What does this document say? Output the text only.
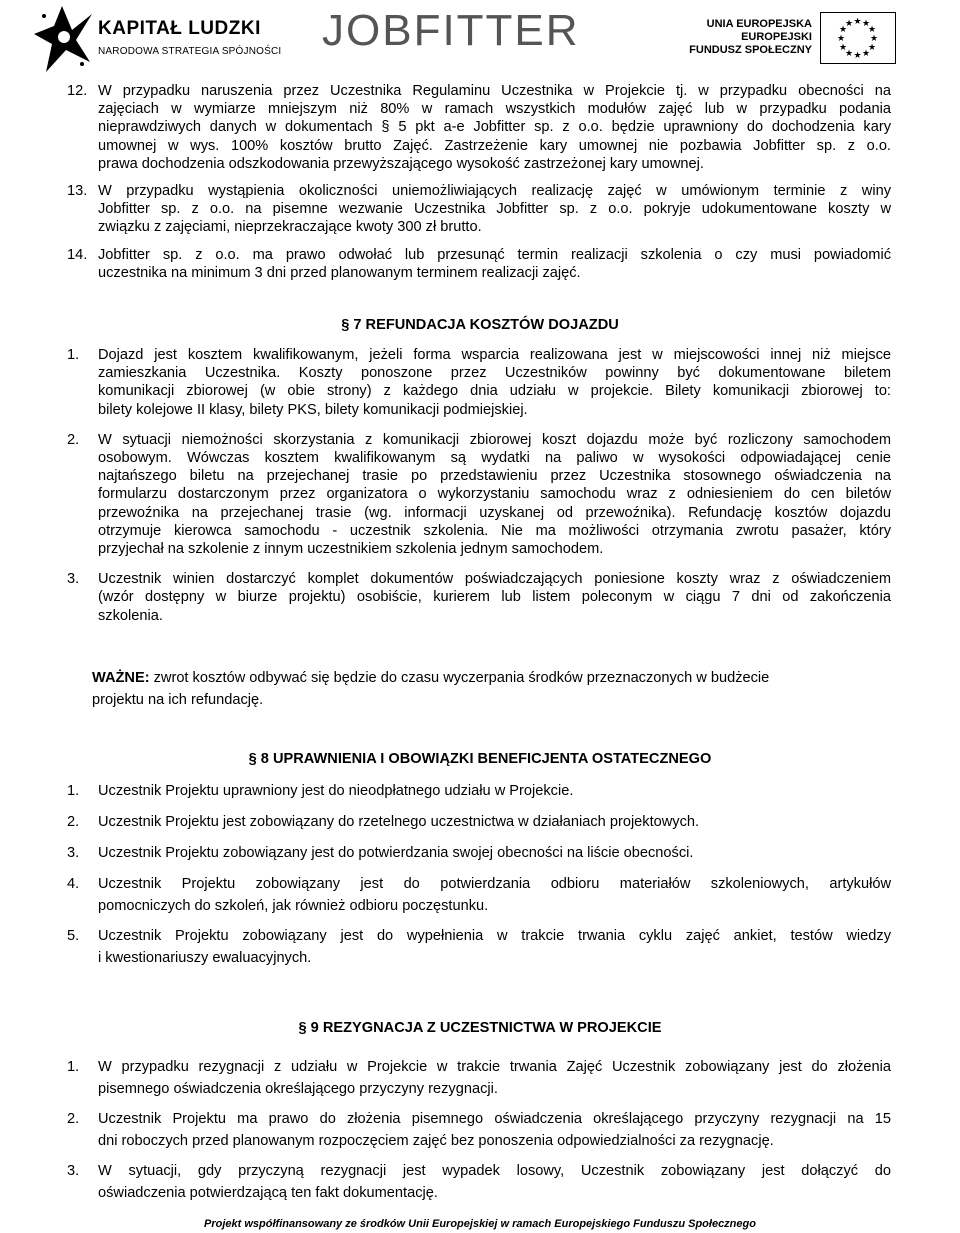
KAPITAŁ LUDZKI
NARODOWA STRATEGIA SPÓJNOŚCI JOBFITTER	UNIA EUROPEJSKA
EUROPEJSKI
FUNDUSZ SPOŁECZNY
★ ★
★
★
★
★
★
★
★
★
★
★
12. W przypadku naruszenia przez Uczestnika Regulaminu Uczestnika w Projekcie tj. w przypadku obecności na
zajęciach w wymiarze mniejszym niż 80% w ramach wszystkich modułów zajęć lub w przypadku podania
nieprawdziwych danych w dokumentach § 5 pkt a-e Jobfitter sp. z o.o. będzie uprawniony do dochodzenia kary
umownej w wys. 100% kosztów brutto Zajęć. Zastrzeżenie kary umownej nie pozbawia Jobfitter sp. z o.o.
prawa dochodzenia odszkodowania przewyższającego wysokość zastrzeżonej kary umownej.
13. W przypadku wystąpienia okoliczności uniemożliwiających realizację zajęć w umówionym terminie z winy
Jobfitter sp. z o.o. na pisemne wezwanie Uczestnika Jobfitter sp. z o.o. pokryje udokumentowane koszty w
związku z zajęciami, nieprzekraczające kwoty 300 zł brutto.
14. Jobfitter sp. z o.o. ma prawo odwołać lub przesunąć termin realizacji szkolenia o czy musi powiadomić
uczestnika na minimum 3 dni przed planowanym terminem realizacji zajęć.
§ 7 REFUNDACJA KOSZTÓW DOJAZDU
1. Dojazd jest kosztem kwalifikowanym, jeżeli forma wsparcia realizowana jest w miejscowości innej niż miejsce
zamieszkania Uczestnika. Koszty ponoszone przez Uczestników powinny być dokumentowane biletem
komunikacji zbiorowej (w obie strony) z każdego dnia udziału w projekcie. Bilety komunikacji zbiorowej to:
bilety kolejowe II klasy, bilety PKS, bilety komunikacji podmiejskiej.
2. W sytuacji niemożności skorzystania z komunikacji zbiorowej koszt dojazdu może być rozliczony samochodem
osobowym. Wówczas kosztem kwalifikowanym są wydatki na paliwo w wysokości odpowiadającej cenie
najtańszego biletu na przejechanej trasie po przedstawieniu przez Uczestnika stosownego oświadczenia na
formularzu dostarczonym przez organizatora o wykorzystaniu samochodu wraz z odniesieniem do cen biletów
przewoźnika na przejechanej trasie (wg. informacji uzyskanej od przewoźnika). Refundację kosztów dojazdu
otrzymuje kierowca samochodu - uczestnik szkolenia. Nie ma możliwości otrzymania zwrotu pasażer, który
przyjechał na szkolenie z innym uczestnikiem szkolenia jednym samochodem.
3. Uczestnik winien dostarczyć komplet dokumentów poświadczających poniesione koszty wraz z oświadczeniem
(wzór dostępny w biurze projektu) osobiście, kurierem lub listem poleconym w ciągu 7 dni od zakończenia
szkolenia.
WAŻNE: zwrot kosztów odbywać się będzie do czasu wyczerpania środków przeznaczonych w budżecie
projektu na ich refundację.
§ 8 UPRAWNIENIA I OBOWIĄZKI BENEFICJENTA OSTATECZNEGO
1. Uczestnik Projektu uprawniony jest do nieodpłatnego udziału w Projekcie.
2. Uczestnik Projektu jest zobowiązany do rzetelnego uczestnictwa w działaniach projektowych.
3. Uczestnik Projektu zobowiązany jest do potwierdzania swojej obecności na liście obecności.
4. Uczestnik Projektu zobowiązany jest do potwierdzania odbioru materiałów szkoleniowych, artykułów
pomocniczych do szkoleń, jak również odbioru poczęstunku.
5. Uczestnik Projektu zobowiązany jest do wypełnienia w trakcie trwania cyklu zajęć ankiet, testów wiedzy
i kwestionariuszy ewaluacyjnych.
§ 9 REZYGNACJA Z UCZESTNICTWA W PROJEKCIE
1. W przypadku rezygnacji z udziału w Projekcie w trakcie trwania Zajęć Uczestnik zobowiązany jest do złożenia
pisemnego oświadczenia określającego przyczyny rezygnacji.
2. Uczestnik Projektu ma prawo do złożenia pisemnego oświadczenia określającego przyczyny rezygnacji na 15
dni roboczych przed planowanym rozpoczęciem zajęć bez ponoszenia odpowiedzialności za rezygnację.
3. W sytuacji, gdy przyczyną rezygnacji jest wypadek losowy, Uczestnik zobowiązany jest dołączyć do
oświadczenia potwierdzającą ten fakt dokumentację.
Projekt współfinansowany ze środków Unii Europejskiej w ramach Europejskiego Funduszu Społecznego
